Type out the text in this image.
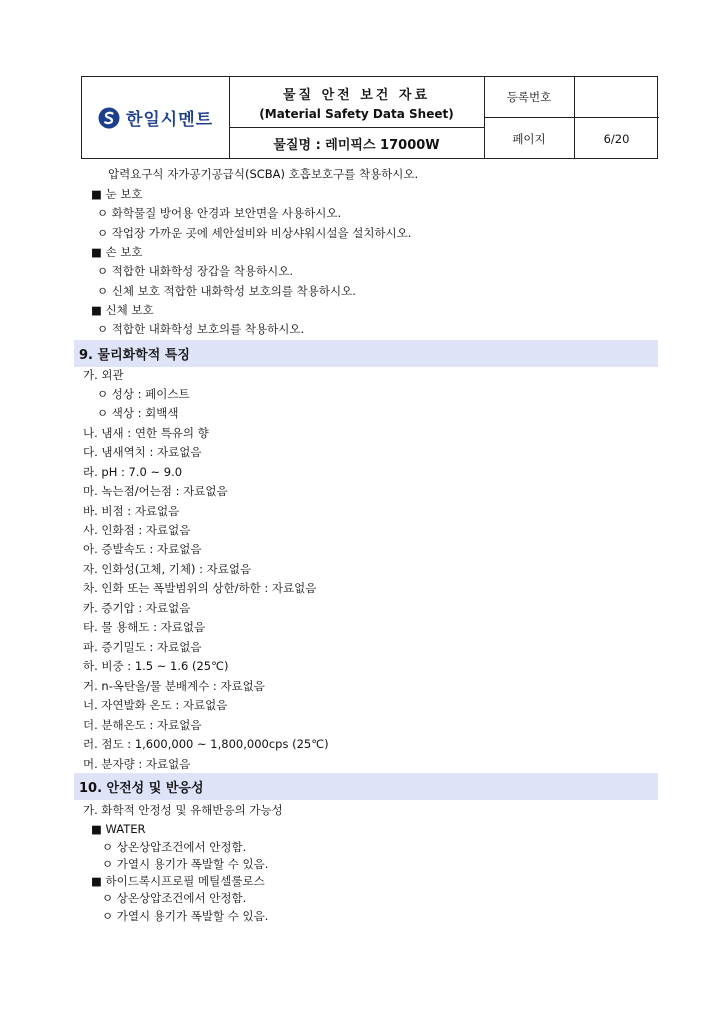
한일시멘트
물질 안전 보건 자료
(Material Safety Data Sheet)
물질명 : 레미픽스 17000W
등록번호
페이지	6/20
압력요구식 자가공기공급식(SCBA) 호흡보호구를 착용하시오.
■ 눈 보호
ㅇ 화학물질 방어용 안경과 보안면을 사용하시오.
ㅇ 작업장 가까운 곳에 세안설비와 비상샤워시설을 설치하시오.
■ 손 보호
ㅇ 적합한 내화학성 장갑을 착용하시오.
ㅇ 신체 보호 적합한 내화학성 보호의를 착용하시오.
■ 신체 보호
ㅇ 적합한 내화학성 보호의를 착용하시오.
9. 물리화학적 특징
가. 외관
ㅇ 성상 : 페이스트
ㅇ 색상 : 회백색
나. 냄새 : 연한 특유의 향
다. 냄새역치 : 자료없음
라. pH : 7.0 ~ 9.0
마. 녹는점/어는점 : 자료없음
바. 비점 : 자료없음
사. 인화점 : 자료없음
아. 증발속도 : 자료없음
자. 인화성(고체, 기체) : 자료없음
차. 인화 또는 폭발범위의 상한/하한 : 자료없음
카. 증기압 : 자료없음
타. 물 용해도 : 자료없음
파. 증기밀도 : 자료없음
하. 비중 : 1.5 ~ 1.6 (25℃)
거. n-옥탄올/물 분배계수 : 자료없음
너. 자연발화 온도 : 자료없음
더. 분해온도 : 자료없음
러. 점도 : 1,600,000 ~ 1,800,000cps (25℃)
머. 분자량 : 자료없음
10. 안전성 및 반응성
가. 화학적 안정성 및 유해반응의 가능성
■ WATER
ㅇ 상온상압조건에서 안정함.
ㅇ 가열시 용기가 폭발할 수 있음.
■ 하이드록시프로필 메틸셀룰로스
ㅇ 상온상압조건에서 안정함.
ㅇ 가열시 용기가 폭발할 수 있음.
